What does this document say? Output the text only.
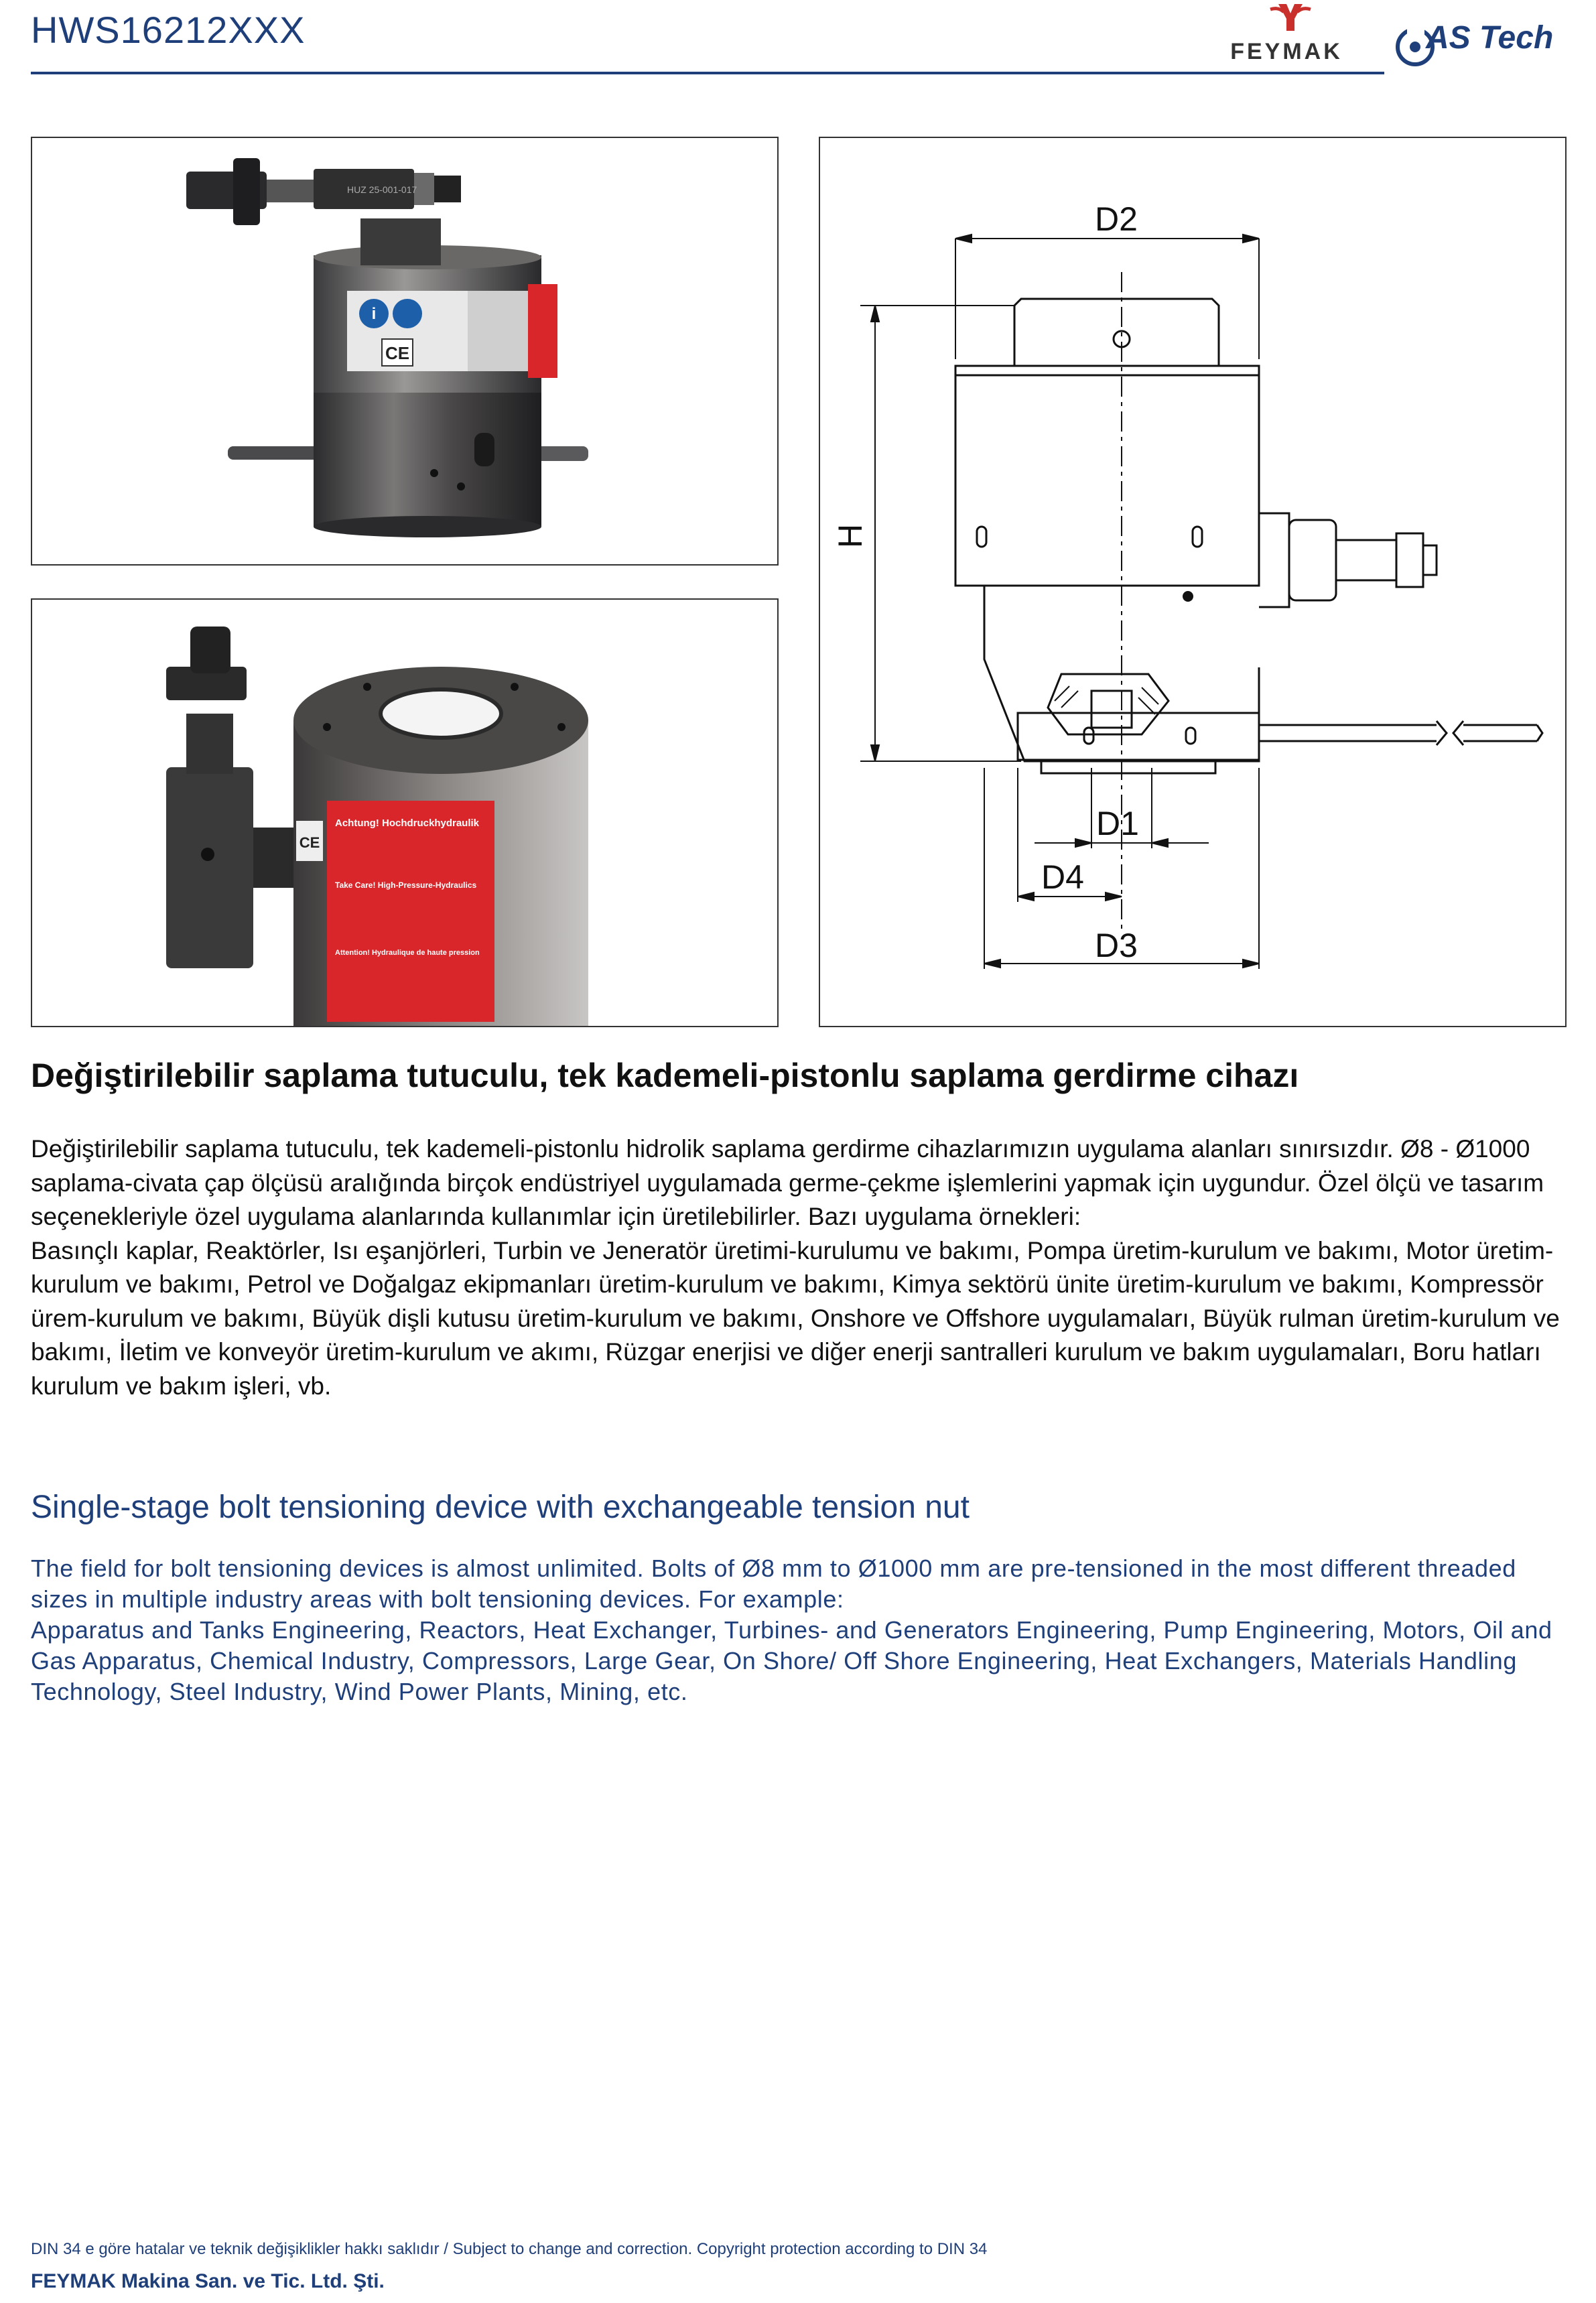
HWS16212XXX
FEYMAK	AS Tech
i
CE
HUZ 25-001-017
Achtung! Hochdruckhydraulik
Take Care! High-Pressure-Hydraulics
Attention! Hydraulique de haute pression
CE
D2
H
D1
D4
D3
Değiştirilebilir saplama tutuculu, tek kademeli-pistonlu saplama gerdirme cihazı

Değiştirilebilir saplama tutuculu, tek kademeli-pistonlu hidrolik saplama gerdirme cihazlarımızın uygulama alanları sınırsızdır. Ø8 - Ø1000 saplama-civata çap ölçüsü aralığında birçok endüstriyel uygulamada germe-çekme işlemlerini yapmak için uygundur. Özel ölçü ve tasarım seçenekleriyle özel uygulama alanlarında kullanımlar için üretilebilirler. Bazı uygulama örnekleri:

Basınçlı kaplar, Reaktörler, Isı eşanjörleri, Turbin ve Jeneratör üretimi-kurulumu ve bakımı, Pompa üretim-kurulum ve bakımı, Motor üretim-kurulum ve bakımı, Petrol ve Doğalgaz ekipmanları üretim-kurulum ve bakımı, Kimya sektörü ünite üretim-kurulum ve bakımı, Kompressör ürem-kurulum ve bakımı, Büyük dişli kutusu üretim-kurulum ve bakımı, Onshore ve Offshore uygulamaları, Büyük rulman üretim-kurulum ve bakımı, İletim ve konveyör üretim-kurulum ve akımı, Rüzgar enerjisi ve diğer enerji santralleri kurulum ve bakım uygulamaları, Boru hatları kurulum ve bakım işleri, vb.

Single-stage bolt tensioning device with exchangeable tension nut

The field for bolt tensioning devices is almost unlimited. Bolts of Ø8 mm to Ø1000 mm are pre-tensioned in the most different threaded sizes in multiple industry areas with bolt tensioning devices. For example:

Apparatus and Tanks Engineering, Reactors, Heat Exchanger, Turbines- and Generators Engineering, Pump Engineering, Motors, Oil and Gas Apparatus, Chemical Industry, Compressors, Large Gear, On Shore/ Off Shore Engineering, Heat Exchangers, Materials Handling Technology, Steel Industry, Wind Power Plants, Mining, etc.

DIN 34 e göre hatalar ve teknik değişiklikler hakkı saklıdır / Subject to change and correction. Copyright protection according to DIN 34
FEYMAK Makina San. ve Tic. Ltd. Şti.
